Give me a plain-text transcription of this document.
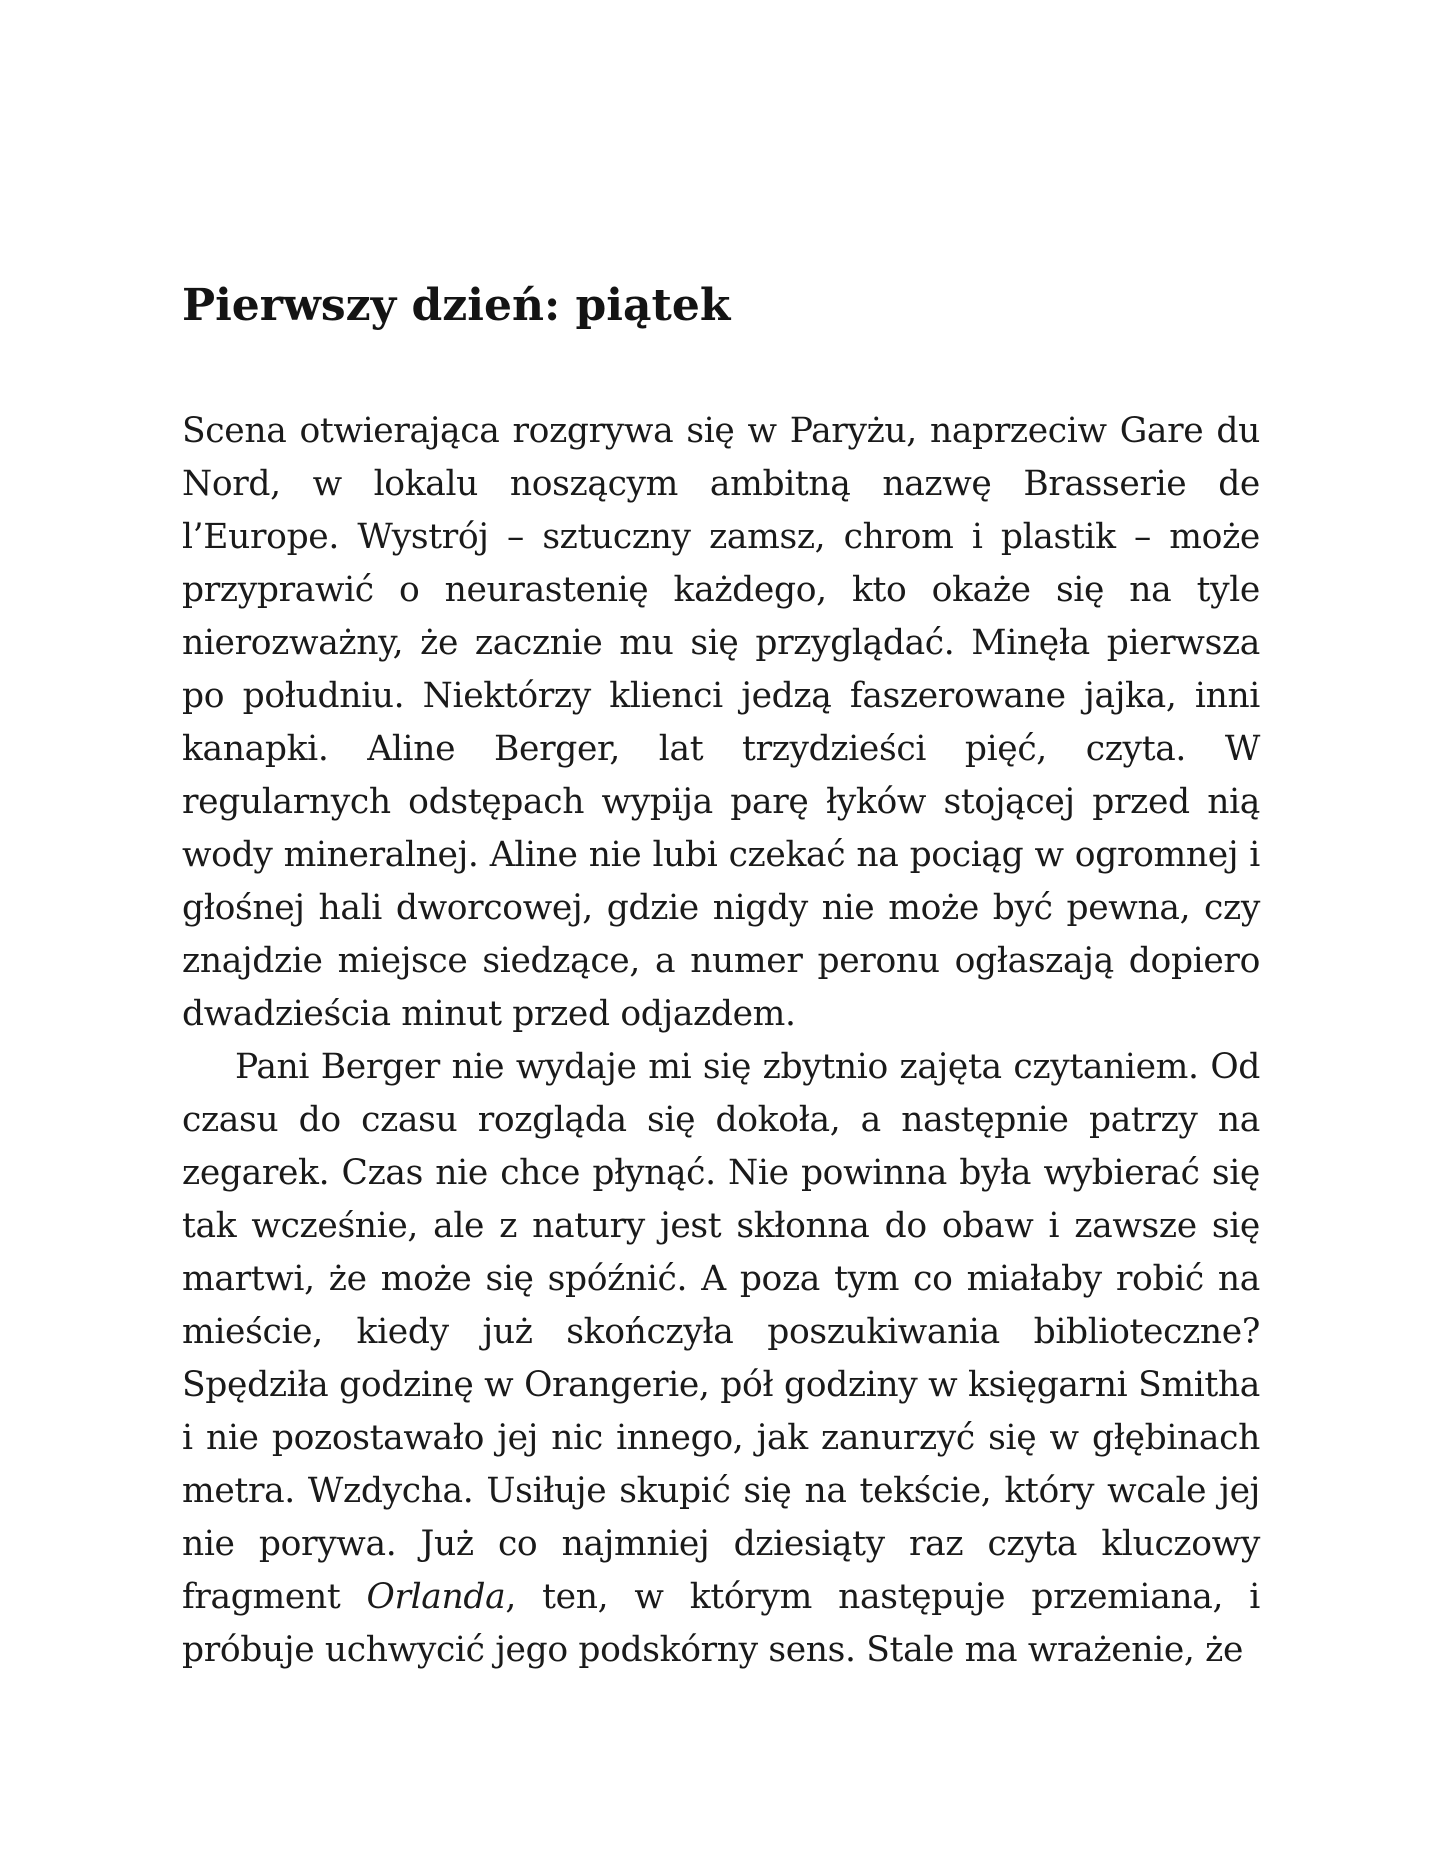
Pierwszy dzień: piątek

Scena otwierająca rozgrywa się w Paryżu, naprzeciw Gare du Nord, w lokalu noszącym ambitną nazwę Brasserie de l’Europe. Wystrój – sztuczny zamsz, chrom i plastik – może przyprawić o neurastenię każdego, kto okaże się na tyle nierozważny, że zacznie mu się przyglądać. Minęła pierwsza po południu. Niektórzy klienci jedzą faszerowane jajka, inni kanapki. Aline Berger, lat trzydzieści pięć, czyta. W regularnych odstępach wypija parę łyków stojącej przed nią wody mineralnej. Aline nie lubi czekać na pociąg w ogromnej i głośnej hali dworcowej, gdzie nigdy nie może być pewna, czy znajdzie miejsce siedzące, a numer peronu ogłaszają dopiero dwadzieścia minut przed odjazdem.

Pani Berger nie wydaje mi się zbytnio zajęta czytaniem. Od czasu do czasu rozgląda się dokoła, a następnie patrzy na zegarek. Czas nie chce płynąć. Nie powinna była wybierać się tak wcześnie, ale z natury jest skłonna do obaw i zawsze się martwi, że może się spóźnić. A poza tym co miałaby robić na mieście, kiedy już skończyła poszukiwania biblioteczne? Spędziła godzinę w Orangerie, pół godziny w księgarni Smitha i nie pozostawało jej nic innego, jak zanurzyć się w głębinach metra. Wzdycha. Usiłuje skupić się na tekście, który wcale jej nie porywa. Już co najmniej dziesiąty raz czyta kluczowy fragment Orlanda, ten, w którym następuje przemiana, i próbuje uchwycić jego podskórny sens. Stale ma wrażenie, że
